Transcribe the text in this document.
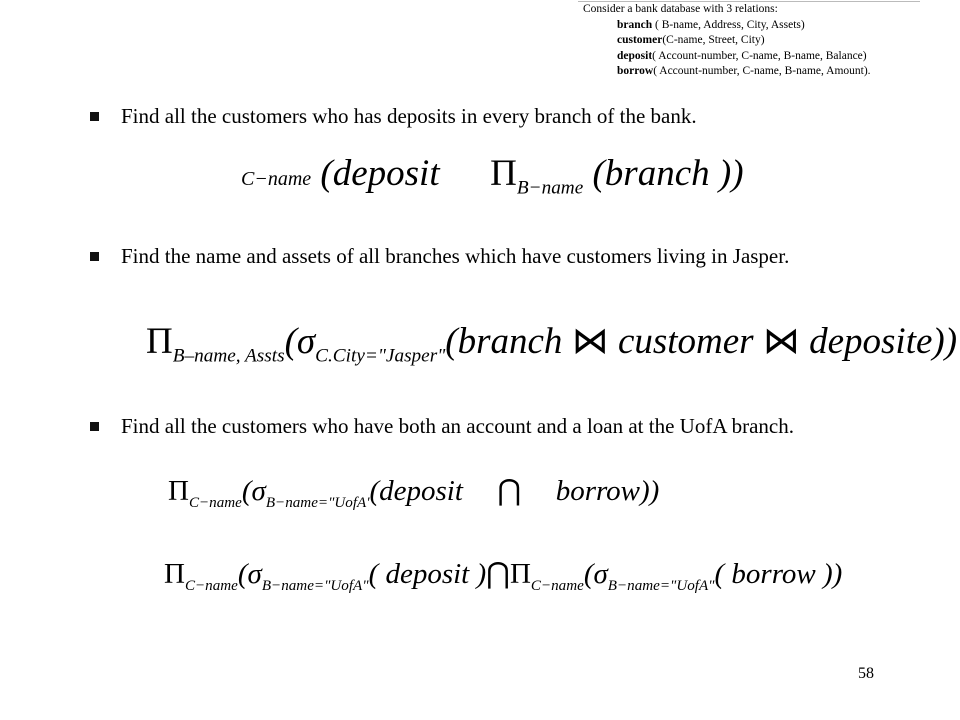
Consider a bank database with 3 relations:
branch ( B-name, Address, City, Assets)
customer(C-name, Street, City)
deposit( Account-number, C-name, B-name, Balance)
borrow( Account-number, C-name, B-name, Amount).
Find all the customers who has deposits in every branch of the bank.
C−name (deposit $\Pi_{B-name}$ (branch ))
Find the name and assets of all branches which have customers living in Jasper.
$\Pi_{B-name, Assts}(\sigma_{C.City="Jasper"}(branch$ ⋈ customer ⋈ deposite))
Find all the customers who have both an account and a loan at the UofA branch.
$\Pi_{C-name}(\sigma_{B-name="UofA'}(deposit$ ⋂ borrow))
$\Pi_{C-name}(\sigma_{B-name="UofA"}$( deposit )$⋂\Pi_{C-name}(\sigma_{B-name="UofA"}$( borrow ))
58
